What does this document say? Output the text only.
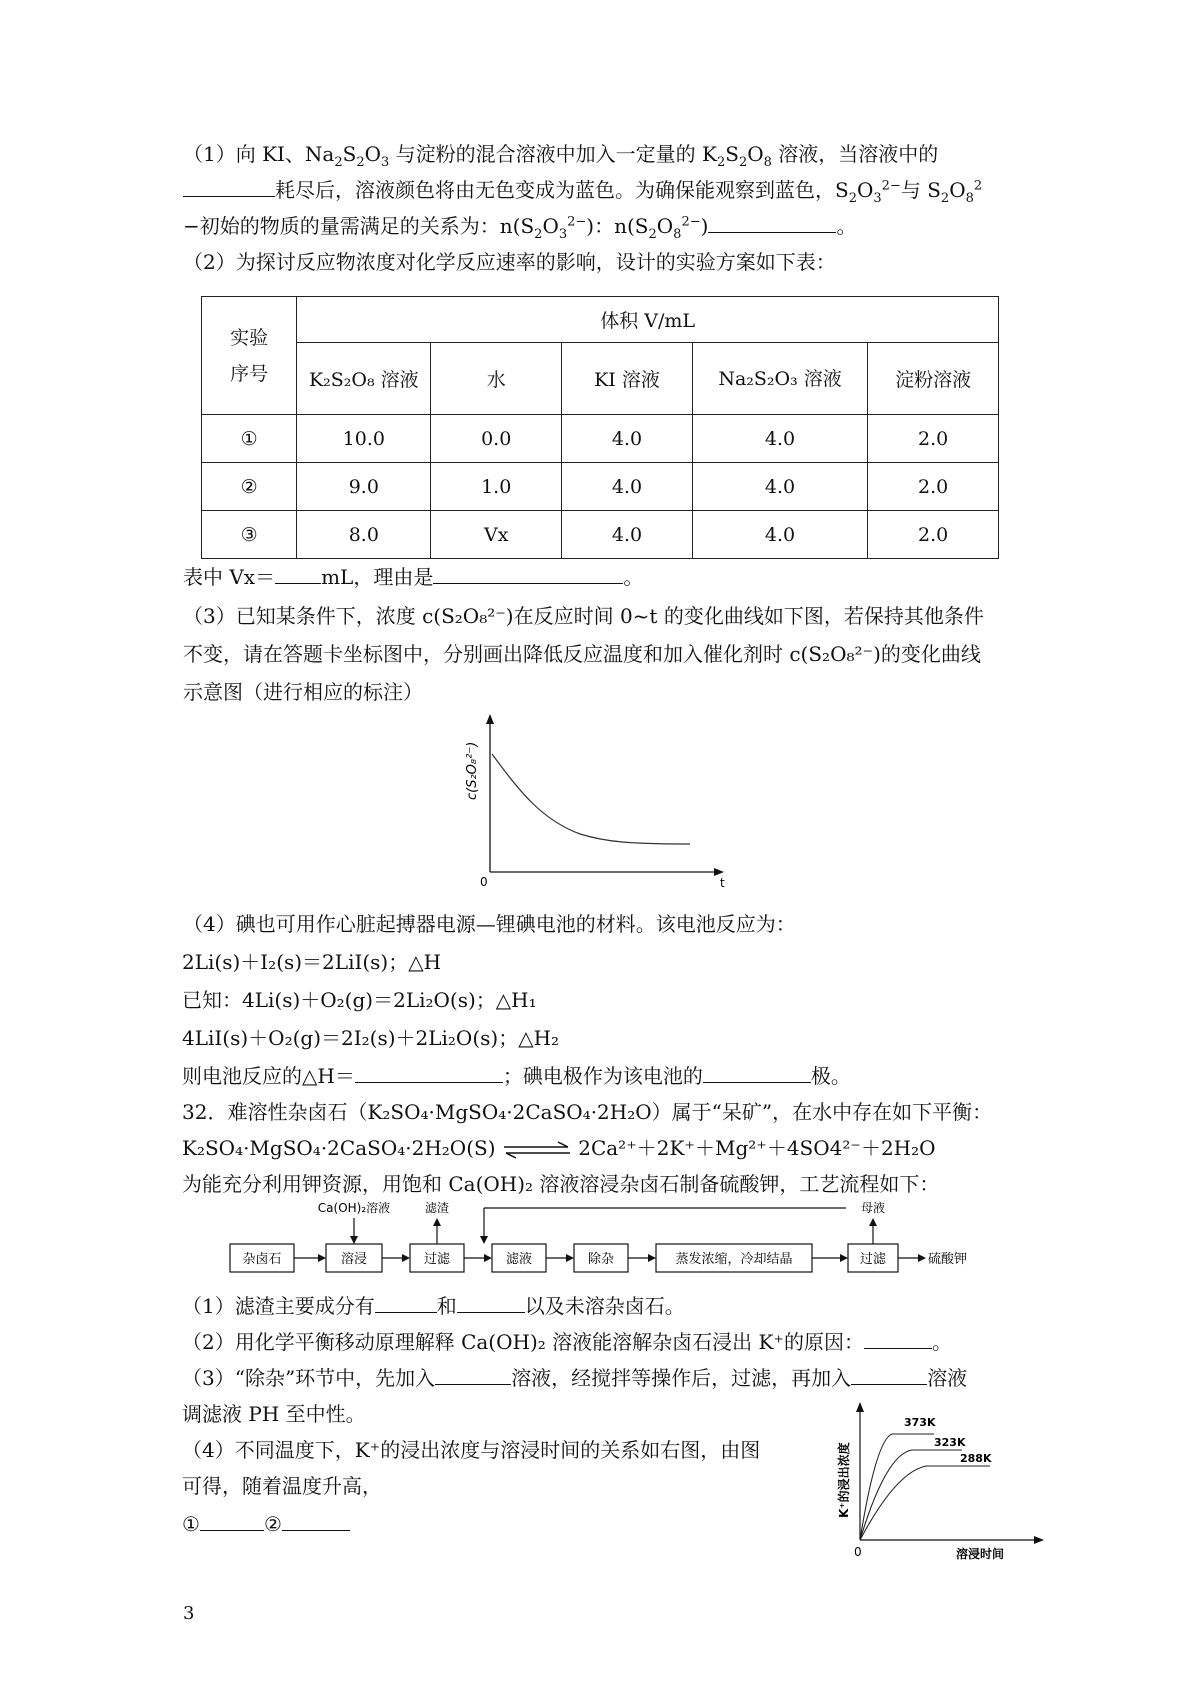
（1）向 KI、$Na_2S_2O_3$ 与淀粉的混合溶液中加入一定量的 $K_2S_2O_8$ 溶液，当溶液中的
耗尽后，溶液颜色将由无色变成为蓝色。为确保能观察到蓝色，$S_2O_3^{2-}$与 $S_2O_8^2$
−初始的物质的量需满足的关系为：$n(S_2O_3^{2-})$：$n(S_2O_8^{2-})$	。
（2）为探讨反应物浓度对化学反应速率的影响，设计的实验方案如下表：
实验
序号	体积 V/mL				
	K₂S₂O₈ 溶液	水	KI 溶液	Na₂S₂O₃ 溶液	淀粉溶液
①	10.0	0.0	4.0	4.0	2.0
②	9.0	1.0	4.0	4.0	2.0
③	8.0	Vx	4.0	4.0	2.0
表中 Vx＝ mL，理由是	。
（3）已知某条件下，浓度 c(S₂O₈²⁻)在反应时间 0~t 的变化曲线如下图，若保持其他条件
不变，请在答题卡坐标图中，分别画出降低反应温度和加入催化剂时 c(S₂O₈²⁻)的变化曲线
示意图（进行相应的标注）
0	t
c(S₂O₈²⁻)
（4）碘也可用作心脏起搏器电源—锂碘电池的材料。该电池反应为：
2Li(s)＋I₂(s)＝2LiI(s)；△H
已知：4Li(s)＋O₂(g)＝2Li₂O(s)；△H₁
4LiI(s)＋O₂(g)＝2I₂(s)＋2Li₂O(s)；△H₂
则电池反应的△H＝	；碘电极作为该电池的	极。
32．难溶性杂卤石（K₂SO₄·MgSO₄·2CaSO₄·2H₂O）属于“呆矿”，在水中存在如下平衡：
K₂SO₄·MgSO₄·2CaSO₄·2H₂O(S) ⇌ 2Ca²⁺＋2K⁺＋Mg²⁺＋4SO4²⁻＋2H₂O
为能充分利用钾资源，用饱和 Ca(OH)₂ 溶液溶浸杂卤石制备硫酸钾，工艺流程如下：
杂卤石	溶浸	过滤	滤液	除杂	蒸发浓缩，冷却结晶	过滤	硫酸钾
Ca(OH)₂溶液	滤渣	母液
（1）滤渣主要成分有	和	以及未溶杂卤石。
（2）用化学平衡移动原理解释 Ca(OH)₂ 溶液能溶解杂卤石浸出 K⁺的原因：	。
（3）“除杂”环节中，先加入	溶液，经搅拌等操作后，过滤，再加入	溶液
调滤液 PH 至中性。
（4）不同温度下，K⁺的浸出浓度与溶浸时间的关系如右图，由图
可得，随着温度升高，
①	②
373K
323K
288K
0	溶浸时间
K⁺的浸出浓度
3
